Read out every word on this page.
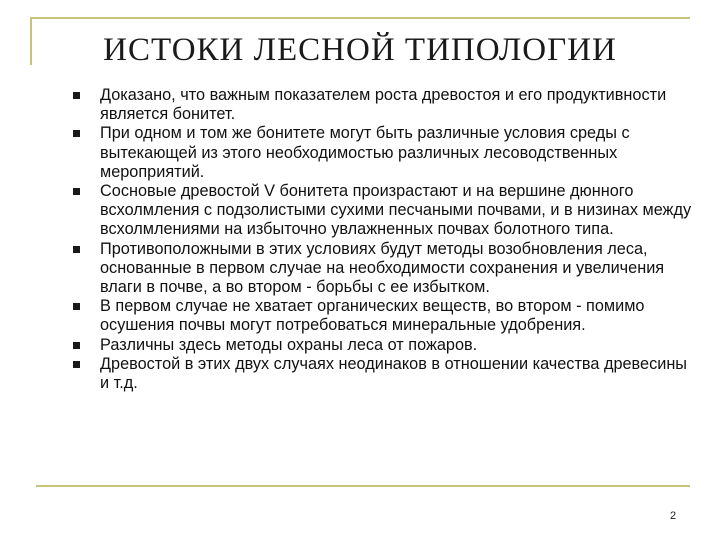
ИСТОКИ ЛЕСНОЙ ТИПОЛОГИИ
Доказано, что важным показателем роста древостоя и его продуктивности является бонитет.
При одном и том же бонитете могут быть различные условия среды с вытекающей из этого необходимостью различных лесоводственных мероприятий.
Сосновые древостой V бонитета произрастают и на вершине дюнного всхолмления с подзолистыми сухими песчаными почвами, и в низинах между всхолмлениями на избыточно увлажненных почвах болотного типа.
Противоположными в этих условиях будут методы возобновления леса, основанные в первом случае на необходимости сохранения и увеличения влаги в почве, а во втором - борьбы с ее избытком.
В первом случае не хватает органических веществ, во втором - помимо осушения почвы могут потребоваться минеральные удобрения.
Различны здесь методы охраны леса от пожаров.
Древостой в этих двух случаях неодинаков в отношении качества древесины и т.д.
2
